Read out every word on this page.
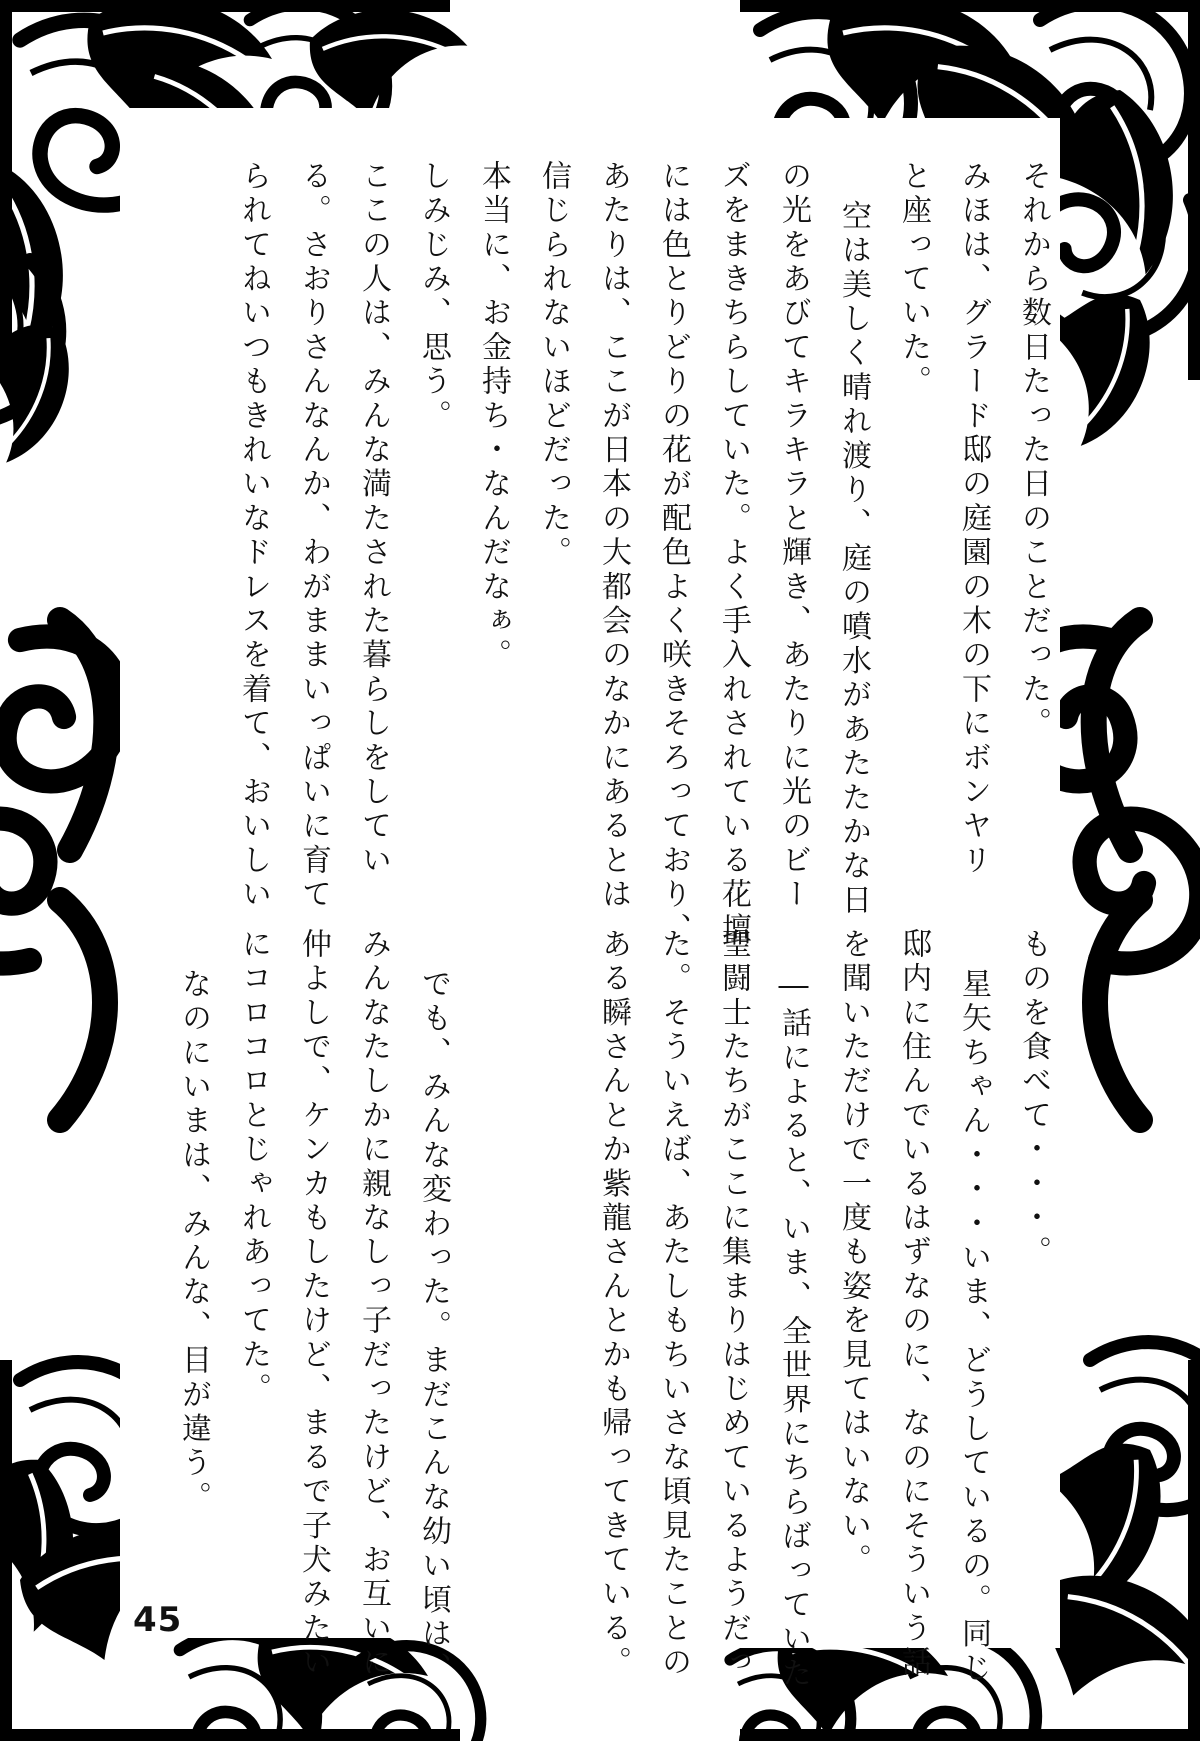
それから数日たった日のことだった。
みほは、グラード邸の庭園の木の下にボンヤリ
と座っていた。
空は美しく晴れ渡り、庭の噴水があたたかな日
の光をあびてキラキラと輝き、あたりに光のビー
ズをまきちらしていた。よく手入れされている花壇
には色とりどりの花が配色よく咲きそろっており、
あたりは、ここが日本の大都会のなかにあるとは
信じられないほどだった。
本当に、お金持ち・なんだなぁ。
しみじみ、思う。
ここの人は、みんな満たされた暮らしをしてい
る。さおりさんなんか、わがままいっぱいに育て
られてねいつもきれいなドレスを着て、おいしい
ものを食べて・・・。
星矢ちゃん・・・いま、どうしているの。同じ
邸内に住んでいるはずなのに、なのにそういう話
を聞いただけで一度も姿を見てはいない。
―話によると、いま、全世界にちらばっていた
聖闘士たちがここに集まりはじめているようだっ
た。そういえば、あたしもちいさな頃見たことの
ある瞬さんとか紫龍さんとかも帰ってきている。
でも、みんな変わった。まだこんな幼い頃は、
みんなたしかに親なしっ子だったけど、お互いに
仲よしで、ケンカもしたけど、まるで子犬みたい
にコロコロとじゃれあってた。
なのにいまは、みんな、目が違う。
45
